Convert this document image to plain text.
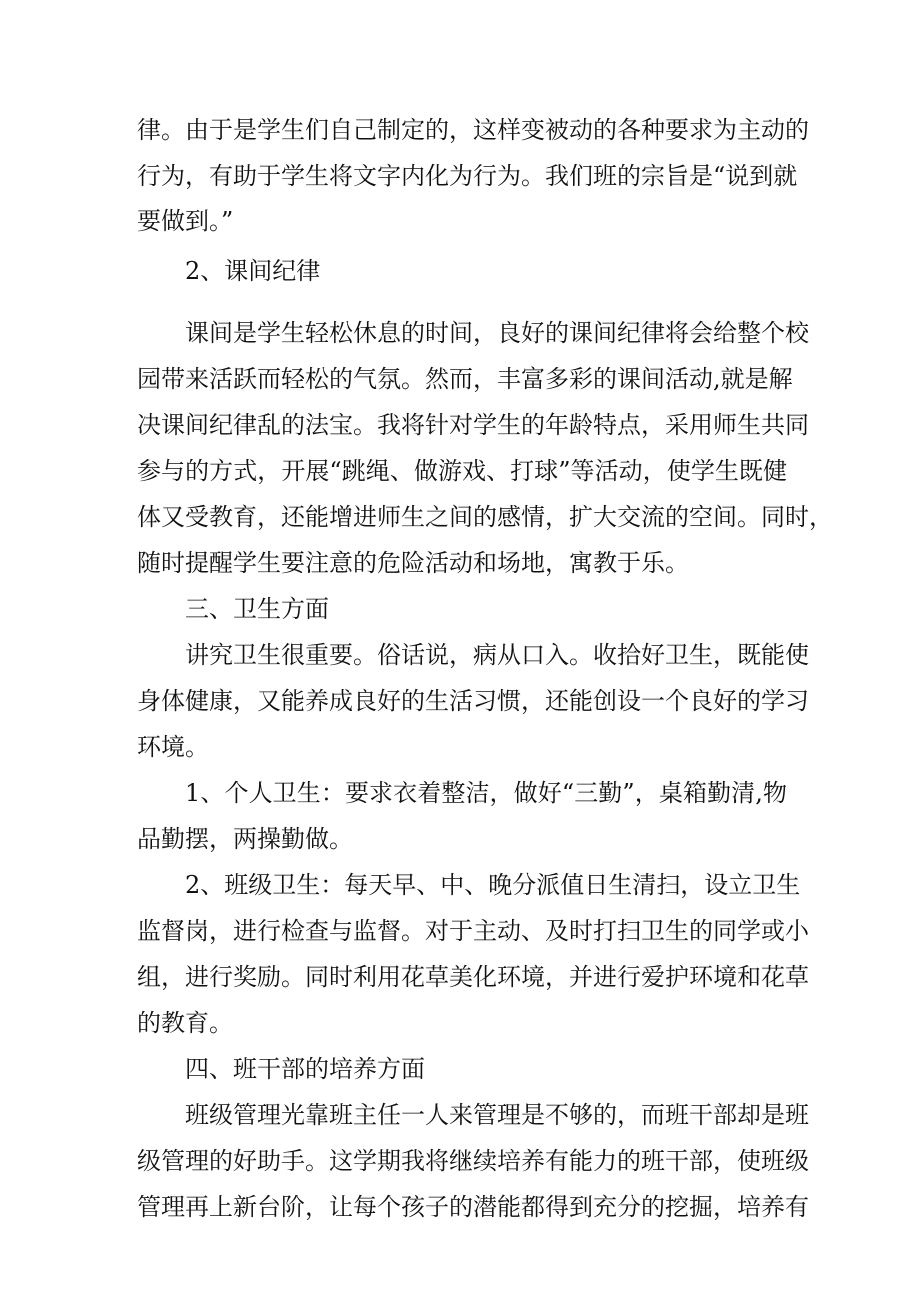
律。由于是学生们自己制定的，这样变被动的各种要求为主动的
行为，有助于学生将文字内化为行为。我们班的宗旨是“说到就
要做到。”
2、课间纪律
课间是学生轻松休息的时间，良好的课间纪律将会给整个校
园带来活跃而轻松的气氛。然而，丰富多彩的课间活动,就是解
决课间纪律乱的法宝。我将针对学生的年龄特点，采用师生共同
参与的方式，开展“跳绳、做游戏、打球”等活动，使学生既健
体又受教育，还能增进师生之间的感情，扩大交流的空间。同时，
随时提醒学生要注意的危险活动和场地，寓教于乐。
三、卫生方面
讲究卫生很重要。俗话说，病从口入。收拾好卫生，既能使
身体健康，又能养成良好的生活习惯，还能创设一个良好的学习
环境。
1、个人卫生：要求衣着整洁，做好“三勤”，桌箱勤清,物
品勤摆，两操勤做。
2、班级卫生：每天早、中、晚分派值日生清扫，设立卫生
监督岗，进行检查与监督。对于主动、及时打扫卫生的同学或小
组，进行奖励。同时利用花草美化环境，并进行爱护环境和花草
的教育。
四、班干部的培养方面
班级管理光靠班主任一人来管理是不够的，而班干部却是班
级管理的好助手。这学期我将继续培养有能力的班干部，使班级
管理再上新台阶，让每个孩子的潜能都得到充分的挖掘，培养有
